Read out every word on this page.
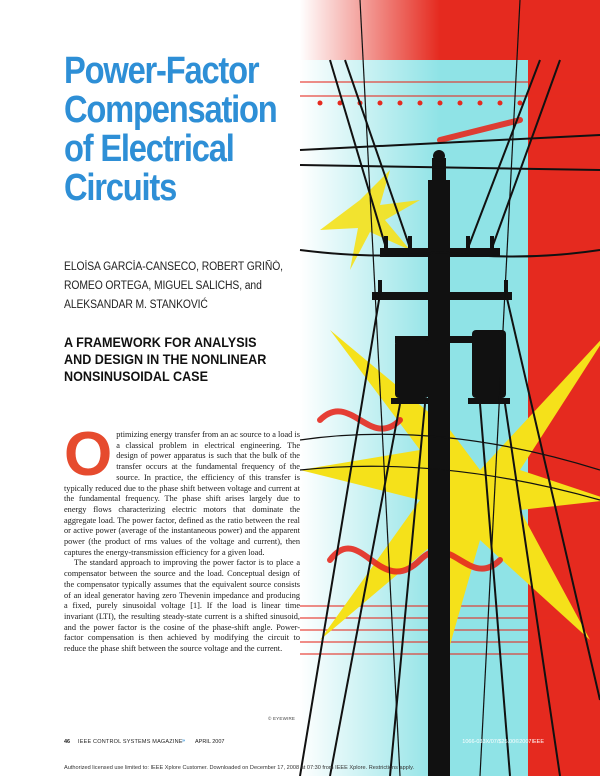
Power-Factor
Compensation
of Electrical
Circuits
ELOÍSA GARCÍA-CANSECO, ROBERT GRIÑÓ,
ROMEO ORTEGA, MIGUEL SALICHS, and
ALEKSANDAR M. STANKOVIĆ
A FRAMEWORK FOR ANALYSIS
AND DESIGN IN THE NONLINEAR
NONSINUSOIDAL CASE

Optimizing energy transfer from an ac source to a load is a classical problem in electrical engineering. The design of power apparatus is such that the bulk of the transfer occurs at the fundamental frequency of the source. In practice, the efficiency of this transfer is typically reduced due to the phase shift between voltage and current at the fundamental frequency. The phase shift arises largely due to energy flows characterizing electric motors that dominate the aggregate load. The power factor, defined as the ratio between the real or active power (average of the instantaneous power) and the apparent power (the product of rms values of the voltage and current), then captures the energy-transmission efficiency for a given load.

The standard approach to improving the power factor is to place a compensator between the source and the load. Conceptual design of the compensator typically assumes that the equivalent source consists of an ideal generator having zero Thevenin impedance and producing a fixed, purely sinusoidal voltage [1]. If the load is linear time invariant (LTI), the resulting steady-state current is a shifted sinusoid, and the power factor is the cosine of the phase-shift angle. Power-factor compensation is then achieved by modifying the circuit to reduce the phase shift between the source voltage and the current.

© EYEWIRE
46 IEEE CONTROL SYSTEMS MAGAZINE » APRIL 2007	1066-033X/07/$25.00©2007IEEE
Authorized licensed use limited to: IEEE Xplore Customer. Downloaded on December 17, 2008 at 07:30 from IEEE Xplore. Restrictions apply.
